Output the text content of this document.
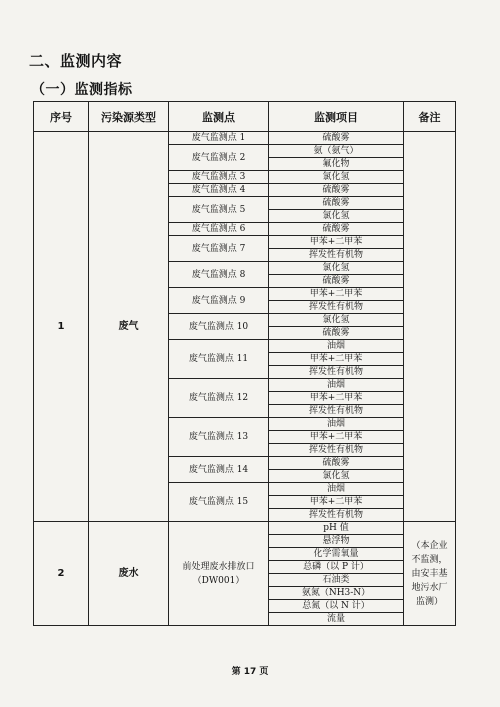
二、监测内容
（一）监测指标
序号	污染源类型	监测点	监测项目	备注
1	废气	废气监测点 1	硫酸雾	
		废气监测点 2	氨（氨气）	
			氟化物	
		废气监测点 3	氯化氢	
		废气监测点 4	硫酸雾	
		废气监测点 5	硫酸雾	
			氯化氢	
		废气监测点 6	硫酸雾	
		废气监测点 7	甲苯+二甲苯	
			挥发性有机物	
		废气监测点 8	氯化氢	
			硫酸雾	
		废气监测点 9	甲苯+二甲苯	
			挥发性有机物	
		废气监测点 10	氯化氢	
			硫酸雾	
		废气监测点 11	油烟	
			甲苯+二甲苯	
			挥发性有机物	
		废气监测点 12	油烟	
			甲苯+二甲苯	
			挥发性有机物	
		废气监测点 13	油烟	
			甲苯+二甲苯	
			挥发性有机物	
		废气监测点 14	硫酸雾	
			氯化氢	
		废气监测点 15	油烟	
			甲苯+二甲苯	
			挥发性有机物	
2	废水	前处理废水排放口（DW001）	pH 值	（本企业不监测，由安丰基地污水厂监测）
			悬浮物	
			化学需氧量	
			总磷（以 P 计）	
			石油类	
			氨氮（NH3-N）	
			总氮（以 N 计）	
			流量	
第 17 页
